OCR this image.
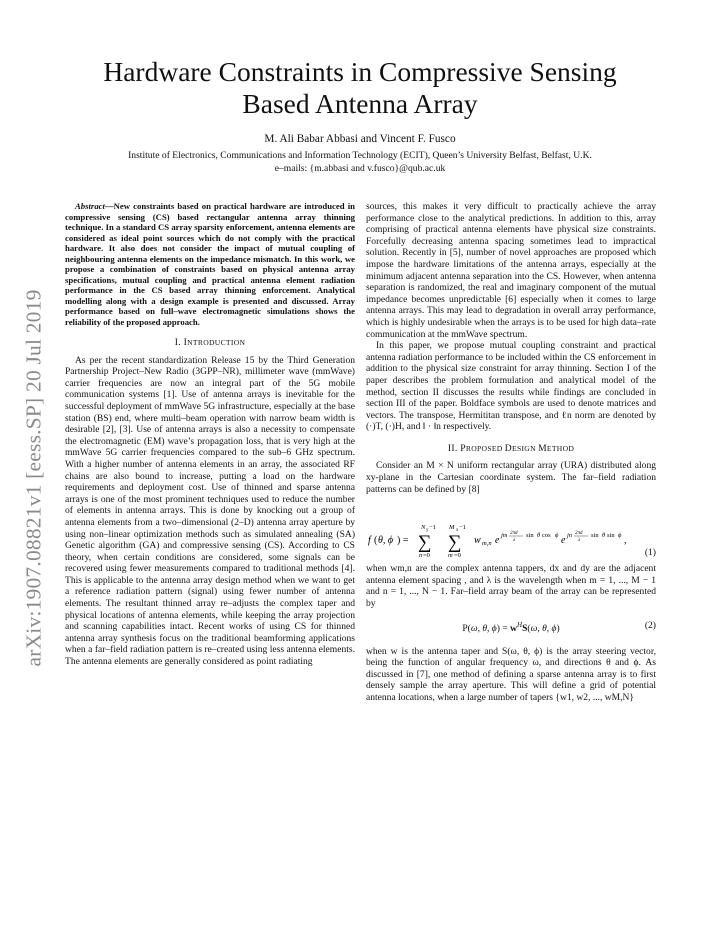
arXiv:1907.08821v1 [eess.SP] 20 Jul 2019
Hardware Constraints in Compressive Sensing
Based Antenna Array
M. Ali Babar Abbasi and Vincent F. Fusco
Institute of Electronics, Communications and Information Technology (ECIT), Queen’s University Belfast, Belfast, U.K.
e–mails: {m.abbasi and v.fusco}@qub.ac.uk

Abstract—New constraints based on practical hardware are introduced in compressive sensing (CS) based rectangular antenna array thinning technique. In a standard CS array sparsity enforcement, antenna elements are considered as ideal point sources which do not comply with the practical hardware. It also does not consider the impact of mutual coupling of neighbouring antenna elements on the impedance mismatch. In this work, we propose a combination of constraints based on physical antenna array specifications, mutual coupling and practical antenna element radiation performance in the CS based array thinning enforcement. Analytical modelling along with a design example is presented and discussed. Array performance based on full–wave electromagnetic simulations shows the reliability of the proposed approach.

I. INTRODUCTION

As per the recent standardization Release 15 by the Third Generation Partnership Project–New Radio (3GPP–NR), millimeter wave (mmWave) carrier frequencies are now an integral part of the 5G mobile communication systems [1]. Use of antenna arrays is inevitable for the successful deployment of mmWave 5G infrastructure, especially at the base station (BS) end, where multi–beam operation with narrow beam width is desirable [2], [3]. Use of antenna arrays is also a necessity to compensate the electromagnetic (EM) wave’s propagation loss, that is very high at the mmWave 5G carrier frequencies compared to the sub–6 GHz spectrum. With a higher number of antenna elements in an array, the associated RF chains are also bound to increase, putting a load on the hardware requirements and deployment cost. Use of thinned and sparse antenna arrays is one of the most prominent techniques used to reduce the number of elements in antenna arrays. This is done by knocking out a group of antenna elements from a two–dimensional (2–D) antenna array aperture by using non–linear optimization methods such as simulated annealing (SA) Genetic algorithm (GA) and compressive sensing (CS). According to CS theory, when certain conditions are considered, some signals can be recovered using fewer measurements compared to traditional methods [4]. This is applicable to the antenna array design method when we want to get a reference radiation pattern (signal) using fewer number of antenna elements. The resultant thinned array re–adjusts the complex taper and physical locations of antenna elements, while keeping the array projection and scanning capabilities intact. Recent works of using CS for thinned antenna array synthesis focus on the traditional beamforming applications when a far–field radiation pattern is re–created using less antenna elements. The antenna elements are generally considered as point radiating

sources, this makes it very difficult to practically achieve the array performance close to the analytical predictions. In addition to this, array comprising of practical antenna elements have physical size constraints. Forcefully decreasing antenna spacing sometimes lead to impractical solution. Recently in [5], number of novel approaches are proposed which impose the hardware limitations of the antenna arrays, especially at the minimum adjacent antenna separation into the CS. However, when antenna separation is randomized, the real and imaginary component of the mutual impedance becomes unpredictable [6] especially when it comes to large antenna arrays. This may lead to degradation in overall array performance, which is highly undesirable when the arrays is to be used for high data–rate communication at the mmWave spectrum.

In this paper, we propose mutual coupling constraint and practical antenna radiation performance to be included within the CS enforcement in addition to the physical size constraint for array thinning. Section I of the paper describes the problem formulation and analytical model of the method, section II discusses the results while findings are concluded in section III of the paper. Boldface symbols are used to denote matrices and vectors. The transpose, Hermititan transpose, and ℓn norm are denoted by (·)T, (·)H, and ‖ · ‖n respectively.

II. PROPOSED DESIGN METHOD

Consider an M × N uniform rectangular array (URA) distributed along xy-plane in the Cartesian coordinate system. The far–field radiation patterns can be defined by [8]

f ( θ, ϕ ) =
N y −1
∑
n =0
M x −1
∑
m =0
w m,n e jm 2πd
λ
sin θ cos ϕ e jn 2πd
λ
sin θ sin ϕ ,
(1)

when wm,n are the complex antenna tappers, dx and dy are the adjacent antenna element spacing , and λ is the wavelength when m = 1, ..., M − 1 and n = 1, ..., N − 1. Far–field array beam of the array can be represented by

P(ω, θ, $\phi) = w^HS(\omega$, θ, ϕ)	(2)

when w is the antenna taper and S(ω, θ, ϕ) is the array steering vector, being the function of angular frequency ω, and directions θ and ϕ. As discussed in [7], one method of defining a sparse antenna array is to first densely sample the array aperture. This will define a grid of potential antenna locations, when a large number of tapers {w1, w2, ..., wM,N}
